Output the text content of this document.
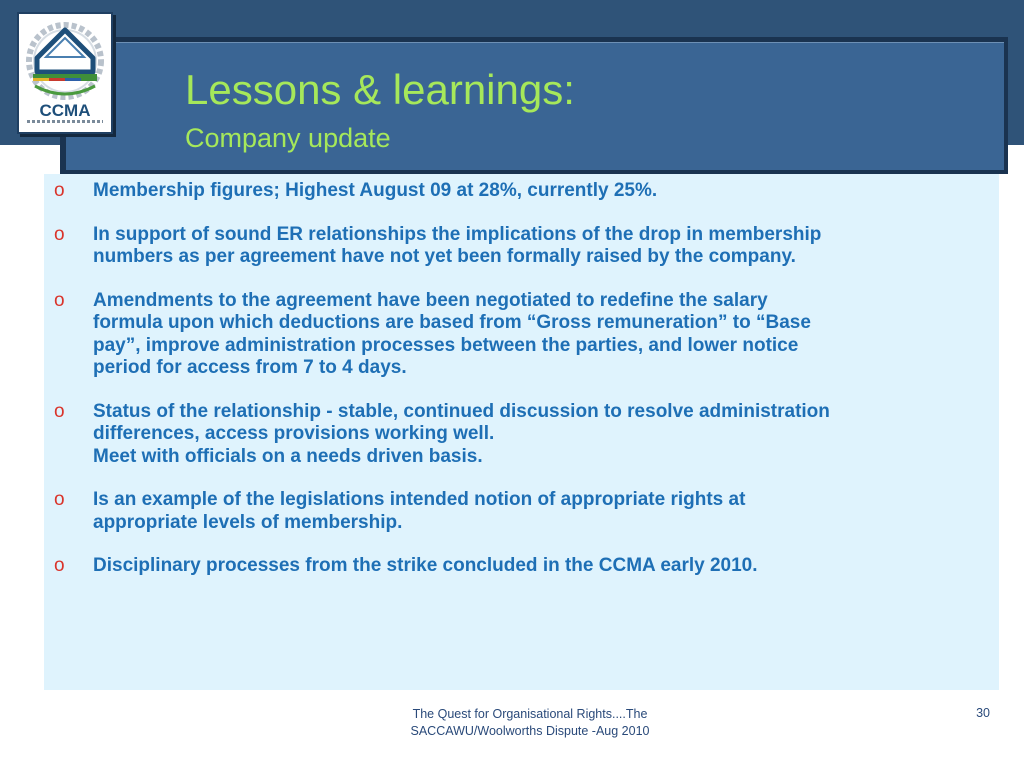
CCMA	Lessons & learnings:
Company update
o Membership figures; Highest August 09 at 28%, currently 25%.
o In support of sound ER relationships the implications of the drop in membership
numbers as per agreement have not yet been formally raised by the company.
o Amendments to the agreement have been negotiated to redefine the salary
formula upon which deductions are based from “Gross remuneration” to “Base
pay”, improve administration processes between the parties, and lower notice
period for access from 7 to 4 days.
o Status of the relationship - stable, continued discussion to resolve administration
differences, access provisions working well.
Meet with officials on a needs driven basis.
o Is an example of the legislations intended notion of appropriate rights at
appropriate levels of membership.
o Disciplinary processes from the strike concluded in the CCMA early 2010.
The Quest for Organisational Rights....The
SACCAWU/Woolworths Dispute -Aug 2010
30
